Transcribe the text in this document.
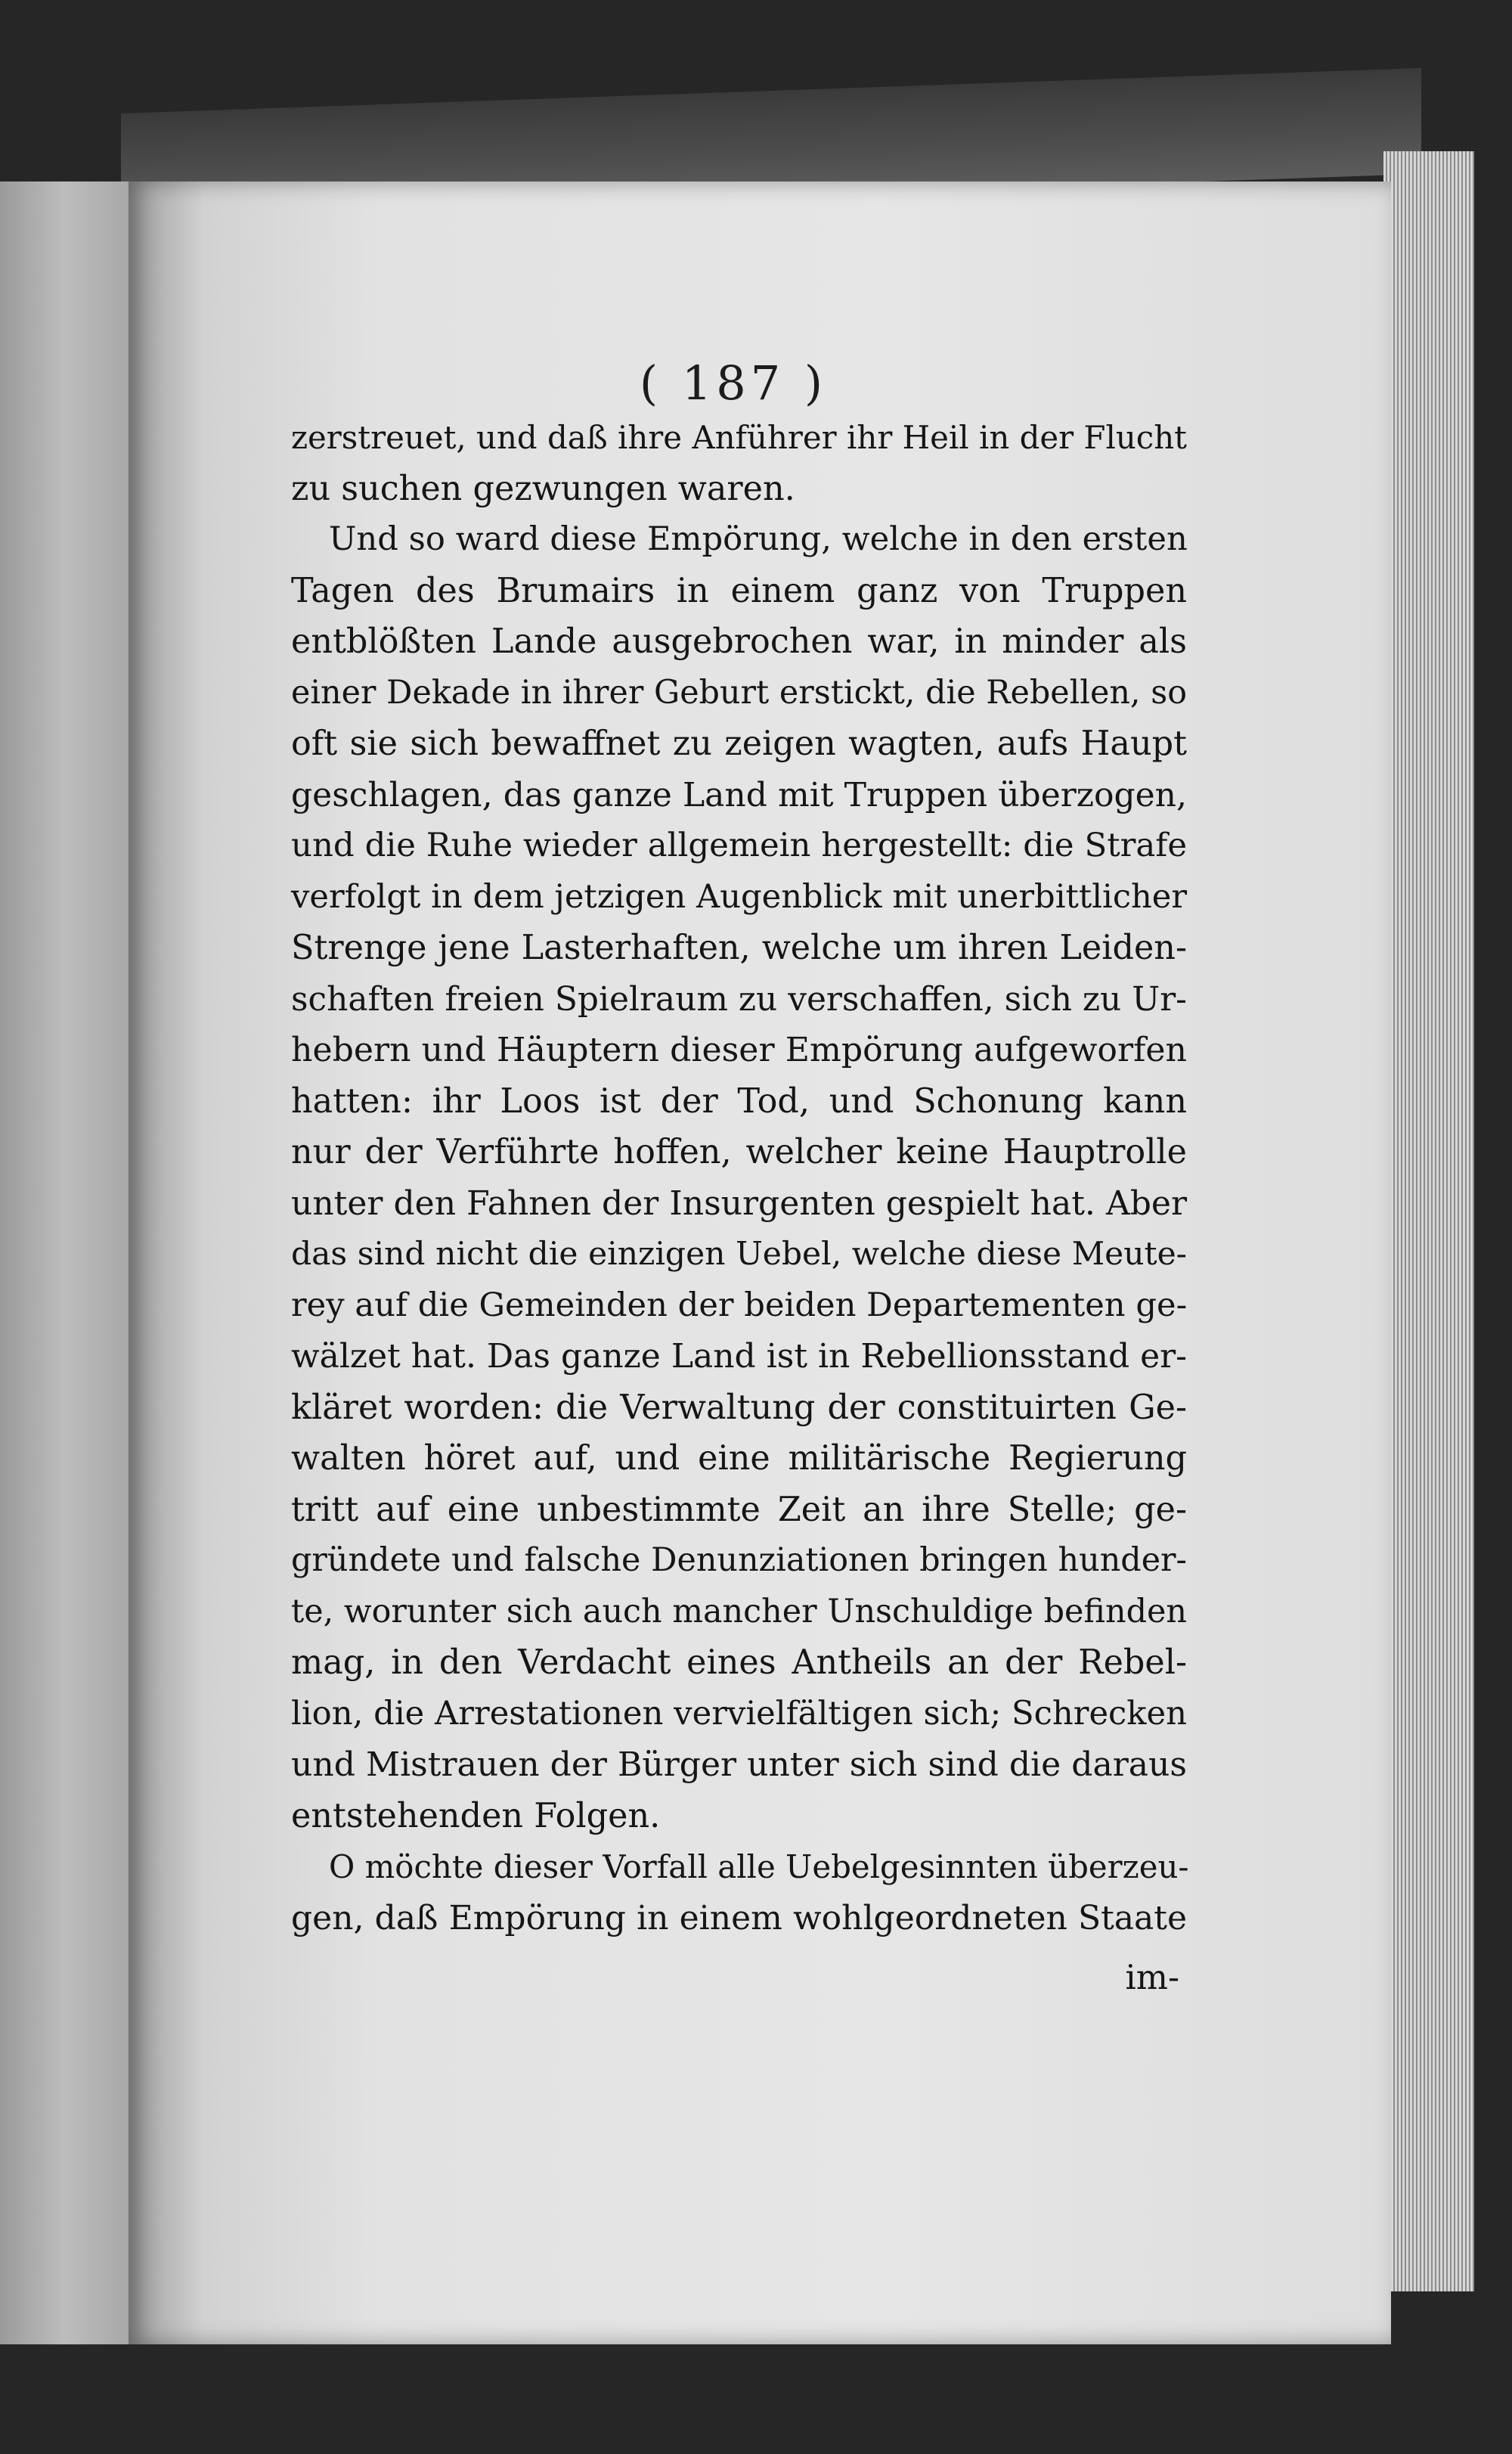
( 187 )
zerstreuet, und daß ihre Anführer ihr Heil in der Flucht
zu suchen gezwungen waren.
Und so ward diese Empörung, welche in den ersten
Tagen des Brumairs in einem ganz von Truppen
entblößten Lande ausgebrochen war, in minder als
einer Dekade in ihrer Geburt erstickt, die Rebellen, so
oft sie sich bewaffnet zu zeigen wagten, aufs Haupt
geschlagen, das ganze Land mit Truppen überzogen,
und die Ruhe wieder allgemein hergestellt: die Strafe
verfolgt in dem jetzigen Augenblick mit unerbittlicher
Strenge jene Lasterhaften, welche um ihren Leiden-
schaften freien Spielraum zu verschaffen, sich zu Ur-
hebern und Häuptern dieser Empörung aufgeworfen
hatten: ihr Loos ist der Tod, und Schonung kann
nur der Verführte hoffen, welcher keine Hauptrolle
unter den Fahnen der Insurgenten gespielt hat. Aber
das sind nicht die einzigen Uebel, welche diese Meute-
rey auf die Gemeinden der beiden Departementen ge-
wälzet hat. Das ganze Land ist in Rebellionsstand er-
kläret worden: die Verwaltung der constituirten Ge-
walten höret auf, und eine militärische Regierung
tritt auf eine unbestimmte Zeit an ihre Stelle; ge-
gründete und falsche Denunziationen bringen hunder-
te, worunter sich auch mancher Unschuldige befinden
mag, in den Verdacht eines Antheils an der Rebel-
lion, die Arrestationen vervielfältigen sich; Schrecken
und Mistrauen der Bürger unter sich sind die daraus
entstehenden Folgen.
O möchte dieser Vorfall alle Uebelgesinnten überzeu-
gen, daß Empörung in einem wohlgeordneten Staate
im-
